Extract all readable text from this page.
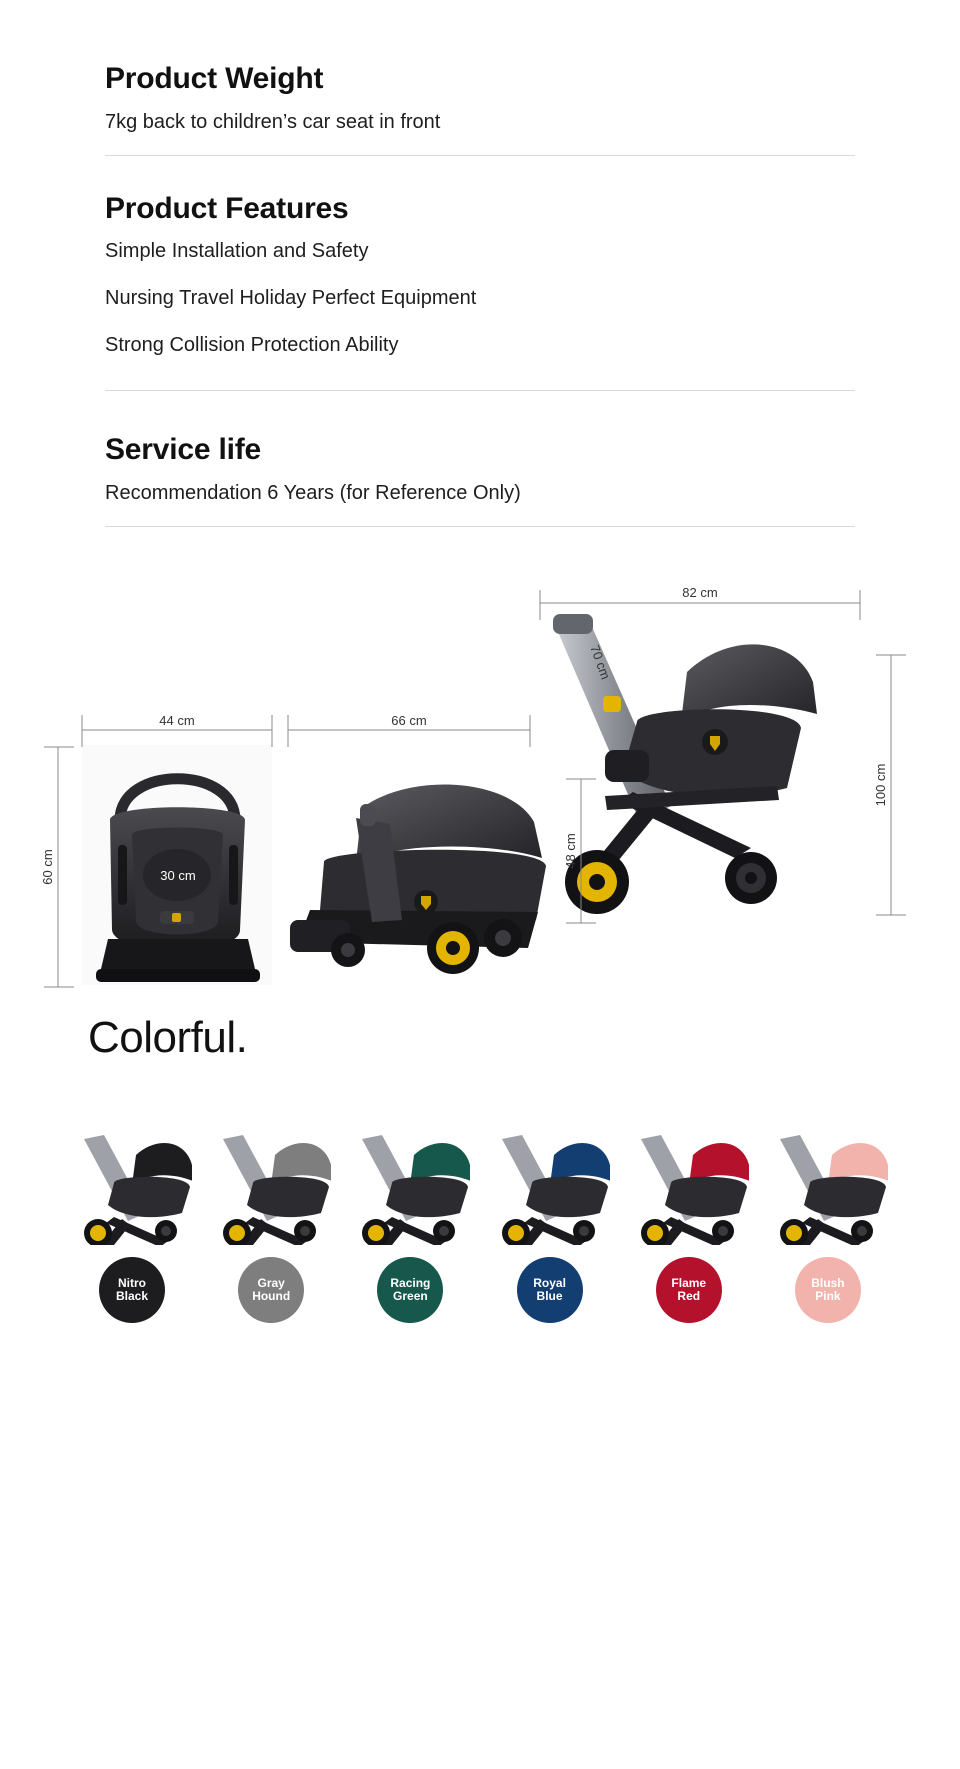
Product Weight

7kg back to children’s car seat in front

Product Features

Simple Installation and Safety

Nursing Travel Holiday Perfect Equipment

Strong Collision Protection Ability

Service life

Recommendation 6 Years (for Reference Only)

82 cm
30 cm
44 cm
60 cm
66 cm
70 cm
100 cm
48 cm
Colorful.
Nitro
Black
Gray
Hound
Racing
Green
Royal
Blue
Flame
Red
Blush
Pink
